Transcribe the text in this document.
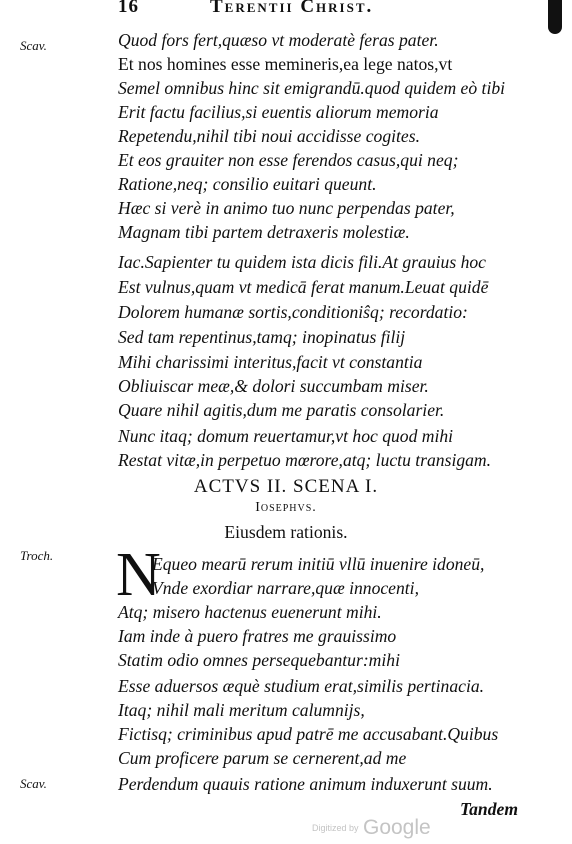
16	Terentii Christ.
Scav.	Quod fors fert,quæso vt moderatè feras pater.
Et nos homines esse memineris,ea lege natos,vt
Semel omnibus hinc sit emigrandū.quod quidem eò tibi
Erit factu facilius,si euentis aliorum memoria
Repetendu,nihil tibi noui accidisse cogites.
Et eos grauiter non esse ferendos casus,qui neq;
Ratione,neq; consilio euitari queunt.
Hæc si verè in animo tuo nunc perpendas pater,
Magnam tibi partem detraxeris molestiæ.
Iac.Sapienter tu quidem ista dicis fili.At grauius hoc
Est vulnus,quam vt medicā ferat manum.Leuat quidē
Dolorem humanæ sortis,conditioniŝq; recordatio:
Sed tam repentinus,tamq; inopinatus filij
Mihi charissimi interitus,facit vt constantia
Obliuiscar meæ,& dolori succumbam miser.
Quare nihil agitis,dum me paratis consolarier.
Nunc itaq; domum reuertamur,vt hoc quod mihi
Restat vitæ,in perpetuo mœrore,atq; luctu transigam.
ACTVS II. SCENA I.
Iosephvs.
Eiusdem rationis.
Troch. N
Equeo mearū rerum initiū vllū inuenire idoneū,
Vnde exordiar narrare,quæ innocenti,
Atq; misero hactenus euenerunt mihi.
Iam inde à puero fratres me grauissimo
Statim odio omnes persequebantur:mihi
Esse aduersos æquè studium erat,similis pertinacia.
Itaq; nihil mali meritum calumnijs,
Fictisq; criminibus apud patrē me accusabant.Quibus
Cum proficere parum se cernerent,ad me
Perdendum quauis ratione animum induxerunt suum.
Scav.
Tandem
Digitized by Google
